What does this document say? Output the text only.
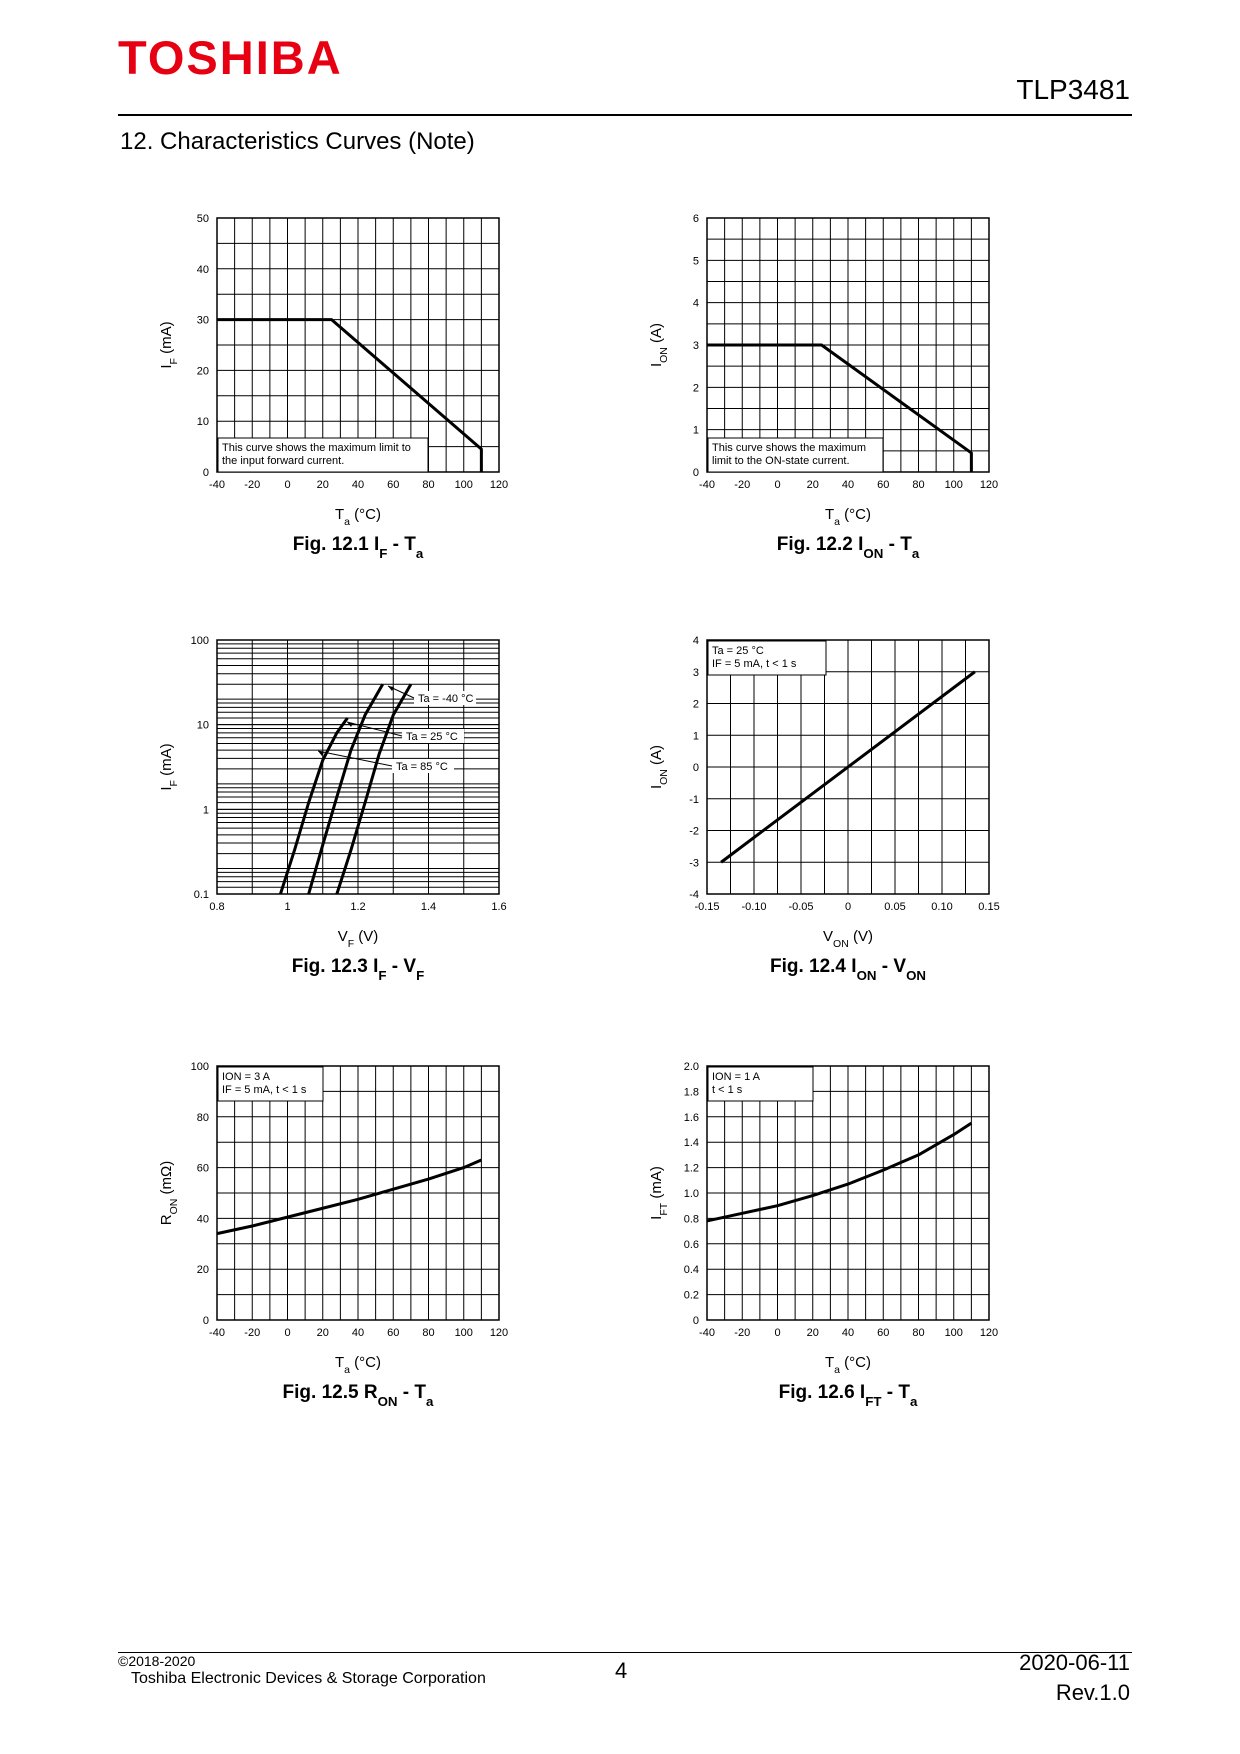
TOSHIBA
TLP3481
12. Characteristics Curves (Note)
-40 -20 0 20 40 60 80 100 120
0
10
20
30
40
50
This curve shows the maximum limit to
the input forward current.
$T_a$ (°C)
$I_F$ (mA)
Fig. 12.1 $I_F - T_a$
-40 -20 0 20 40 60 80 100 120
0
1
2
3
4
5
6
This curve shows the maximum
limit to the ON-state current.
$T_a$ (°C)
$I_{ON}$ (A)
Fig. 12.2 $I_{ON} - T_a$
0.8	1	1.2	1.4	1.6
0.1
1
10
100
Ta = -40 °C
Ta = 25 °C
Ta = 85 °C
$V_F$ (V)
$I_F$ (mA)
Fig. 12.3 $I_F - V_F$
-0.15 -0.10 -0.05	0	0.05 0.10 0.15
-4
-3
-2
-1
0
1
2
3
4
Ta = 25 °C
IF = 5 mA, t < 1 s
$V_{ON}$ (V)
$I_{ON}$ (A)
Fig. 12.4 $I_{ON} - V_{ON}$
-40 -20 0 20 40 60 80 100 120
0
20
40
60
80
100
ION = 3 A
IF = 5 mA, t < 1 s
$T_a$ (°C)
$R_{ON}$ (mΩ)
Fig. 12.5 $R_{ON} - T_a$
-40 -20 0 20 40 60 80 100 120
0
0.2
0.4
0.6
0.8
1.0
1.2
1.4
1.6
1.8
2.0
ION = 1 A
t < 1 s
$T_a$ (°C)
$I_{FT}$ (mA)
Fig. 12.6 $I_{FT} - T_a$
©2018-2020
Toshiba Electronic Devices & Storage Corporation	4	2020-06-11
Rev.1.0
